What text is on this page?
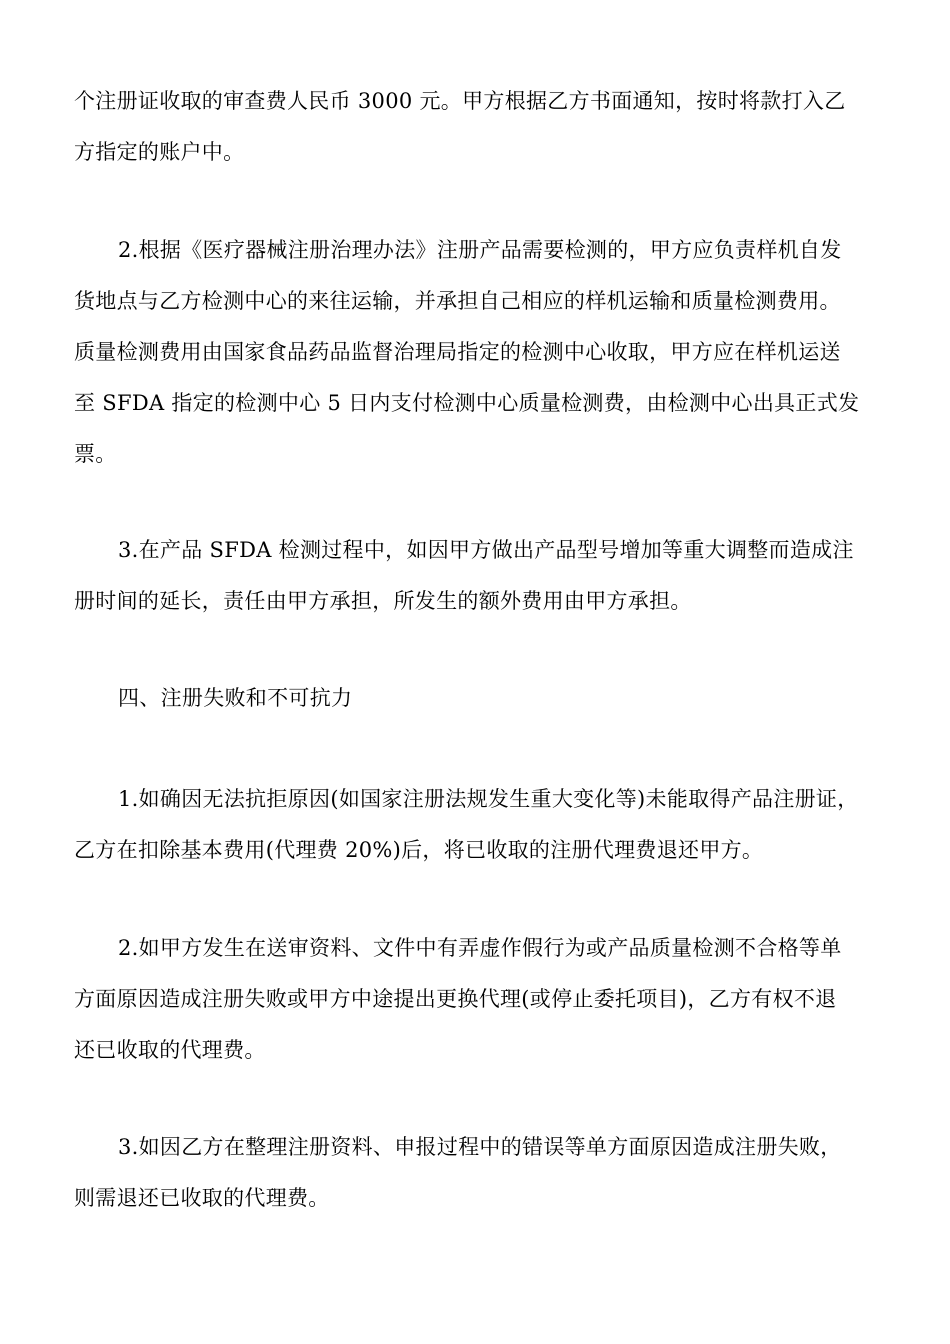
个注册证收取的审查费人民币 3000 元。甲方根据乙方书面通知，按时将款打入乙
方指定的账户中。
2.根据《医疗器械注册治理办法》注册产品需要检测的，甲方应负责样机自发
货地点与乙方检测中心的来往运输，并承担自己相应的样机运输和质量检测费用。
质量检测费用由国家食品药品监督治理局指定的检测中心收取，甲方应在样机运送
至 SFDA 指定的检测中心 5 日内支付检测中心质量检测费，由检测中心出具正式发
票。
3.在产品 SFDA 检测过程中，如因甲方做出产品型号增加等重大调整而造成注
册时间的延长，责任由甲方承担，所发生的额外费用由甲方承担。
四、注册失败和不可抗力
1.如确因无法抗拒原因(如国家注册法规发生重大变化等)未能取得产品注册证，
乙方在扣除基本费用(代理费 20%)后，将已收取的注册代理费退还甲方。
2.如甲方发生在送审资料、文件中有弄虚作假行为或产品质量检测不合格等单
方面原因造成注册失败或甲方中途提出更换代理(或停止委托项目)，乙方有权不退
还已收取的代理费。
3.如因乙方在整理注册资料、申报过程中的错误等单方面原因造成注册失败，
则需退还已收取的代理费。
